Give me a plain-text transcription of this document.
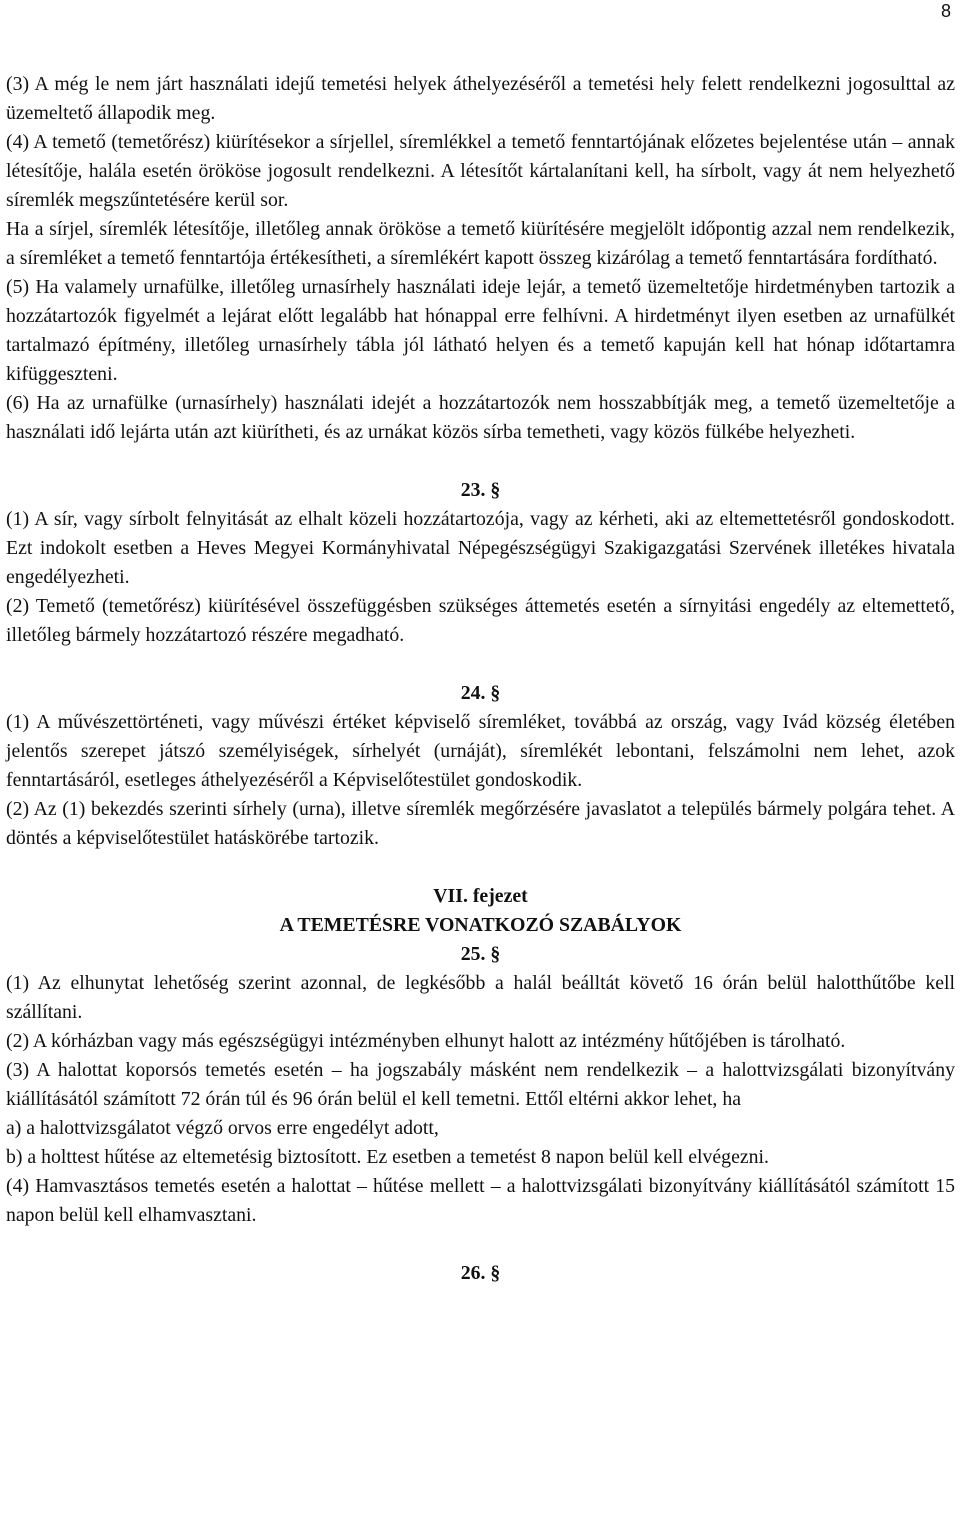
8

(3) A még le nem járt használati idejű temetési helyek áthelyezéséről a temetési hely felett rendelkezni jogosulttal az üzemeltető állapodik meg.

(4) A temető (temetőrész) kiürítésekor a sírjellel, síremlékkel a temető fenntartójának előzetes bejelentése után – annak létesítője, halála esetén örököse jogosult rendelkezni. A létesítőt kártalanítani kell, ha sírbolt, vagy át nem helyezhető síremlék megszűntetésére kerül sor.

Ha a sírjel, síremlék létesítője, illetőleg annak örököse a temető kiürítésére megjelölt időpontig azzal nem rendelkezik, a síremléket a temető fenntartója értékesítheti, a síremlékért kapott összeg kizárólag a temető fenntartására fordítható.

(5) Ha valamely urnafülke, illetőleg urnasírhely használati ideje lejár, a temető üzemeltetője hirdetményben tartozik a hozzátartozók figyelmét a lejárat előtt legalább hat hónappal erre felhívni. A hirdetményt ilyen esetben az urnafülkét tartalmazó építmény, illetőleg urnasírhely tábla jól látható helyen és a temető kapuján kell hat hónap időtartamra kifüggeszteni.

(6) Ha az urnafülke (urnasírhely) használati idejét a hozzátartozók nem hosszabbítják meg, a temető üzemeltetője a használati idő lejárta után azt kiürítheti, és az urnákat közös sírba temetheti, vagy közös fülkébe helyezheti.

23. §

(1) A sír, vagy sírbolt felnyitását az elhalt közeli hozzátartozója, vagy az kérheti, aki az eltemettetésről gondoskodott. Ezt indokolt esetben a Heves Megyei Kormányhivatal Népegészségügyi Szakigazgatási Szervének illetékes hivatala engedélyezheti.

(2) Temető (temetőrész) kiürítésével összefüggésben szükséges áttemetés esetén a sírnyitási engedély az eltemettető, illetőleg bármely hozzátartozó részére megadható.

24. §

(1) A művészettörténeti, vagy művészi értéket képviselő síremléket, továbbá az ország, vagy Ivád község életében jelentős szerepet játszó személyiségek, sírhelyét (urnáját), síremlékét lebontani, felszámolni nem lehet, azok fenntartásáról, esetleges áthelyezéséről a Képviselőtestület gondoskodik.

(2) Az (1) bekezdés szerinti sírhely (urna), illetve síremlék megőrzésére javaslatot a település bármely polgára tehet. A döntés a képviselőtestület hatáskörébe tartozik.

VII. fejezet

A TEMETÉSRE VONATKOZÓ SZABÁLYOK

25. §

(1) Az elhunytat lehetőség szerint azonnal, de legkésőbb a halál beálltát követő 16 órán belül halotthűtőbe kell szállítani.

(2) A kórházban vagy más egészségügyi intézményben elhunyt halott az intézmény hűtőjében is tárolható.

(3) A halottat koporsós temetés esetén – ha jogszabály másként nem rendelkezik – a halottvizsgálati bizonyítvány kiállításától számított 72 órán túl és 96 órán belül el kell temetni. Ettől eltérni akkor lehet, ha

a) a halottvizsgálatot végző orvos erre engedélyt adott,

b) a holttest hűtése az eltemetésig biztosított. Ez esetben a temetést 8 napon belül kell elvégezni.

(4) Hamvasztásos temetés esetén a halottat – hűtése mellett – a halottvizsgálati bizonyítvány kiállításától számított 15 napon belül kell elhamvasztani.

26. §
